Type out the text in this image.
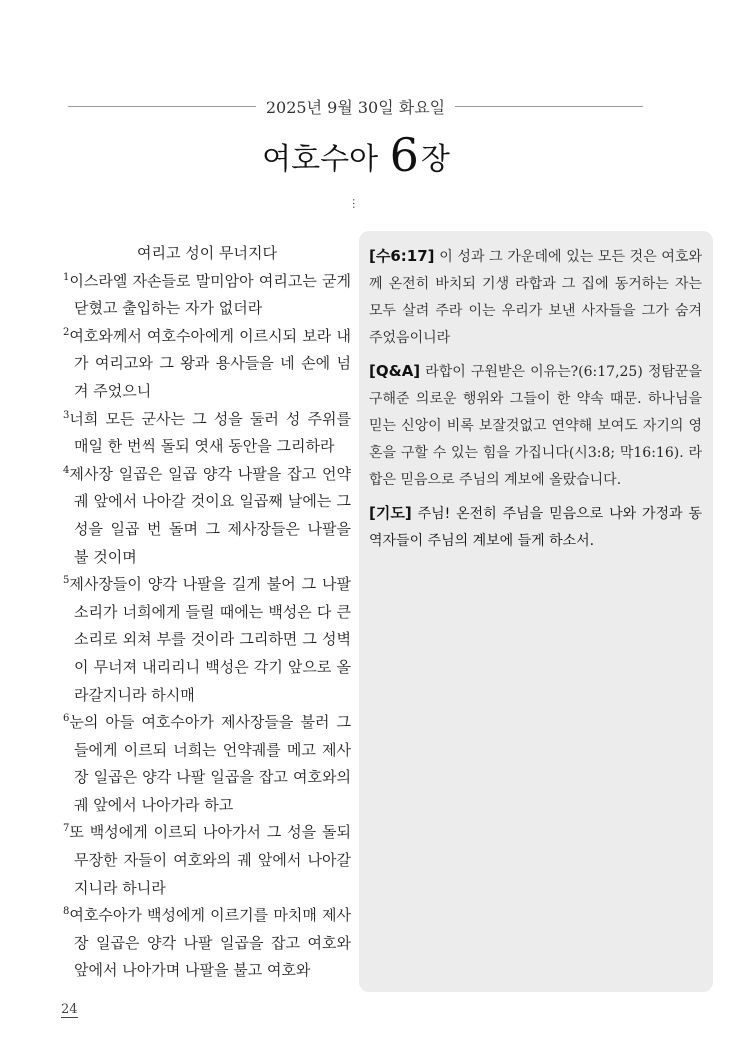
2025년 9월 30일 화요일
여호수아 6장
…
여리고 성이 무너지다
$^1$이스라엘 자손들로 말미암아 여리고는 굳게 닫혔고 출입하는 자가 없더라
$^2$여호와께서 여호수아에게 이르시되 보라 내가 여리고와 그 왕과 용사들을 네 손에 넘겨 주었으니
$^3$너희 모든 군사는 그 성을 둘러 성 주위를 매일 한 번씩 돌되 엿새 동안을 그리하라
$^4$제사장 일곱은 일곱 양각 나팔을 잡고 언약궤 앞에서 나아갈 것이요 일곱째 날에는 그 성을 일곱 번 돌며 그 제사장들은 나팔을 불 것이며
$^5$제사장들이 양각 나팔을 길게 불어 그 나팔 소리가 너희에게 들릴 때에는 백성은 다 큰 소리로 외쳐 부를 것이라 그리하면 그 성벽이 무너져 내리리니 백성은 각기 앞으로 올라갈지니라 하시매
$^6$눈의 아들 여호수아가 제사장들을 불러 그들에게 이르되 너희는 언약궤를 메고 제사장 일곱은 양각 나팔 일곱을 잡고 여호와의 궤 앞에서 나아가라 하고
$^7$또 백성에게 이르되 나아가서 그 성을 돌되 무장한 자들이 여호와의 궤 앞에서 나아갈지니라 하니라
$^8$여호수아가 백성에게 이르기를 마치매 제사장 일곱은 양각 나팔 일곱을 잡고 여호와 앞에서 나아가며 나팔을 불고 여호와

[수6:17] 이 성과 그 가운데에 있는 모든 것은 여호와께 온전히 바치되 기생 라합과 그 집에 동거하는 자는 모두 살려 주라 이는 우리가 보낸 사자들을 그가 숨겨 주었음이니라

[Q&A] 라합이 구원받은 이유는?(6:17,25) 정탐꾼을 구해준 의로운 행위와 그들이 한 약속 때문. 하나님을 믿는 신앙이 비록 보잘것없고 연약해 보여도 자기의 영혼을 구할 수 있는 힘을 가집니다(시3:8; 막16:16). 라합은 믿음으로 주님의 계보에 올랐습니다.

[기도] 주님! 온전히 주님을 믿음으로 나와 가정과 동역자들이 주님의 계보에 들게 하소서.

24
